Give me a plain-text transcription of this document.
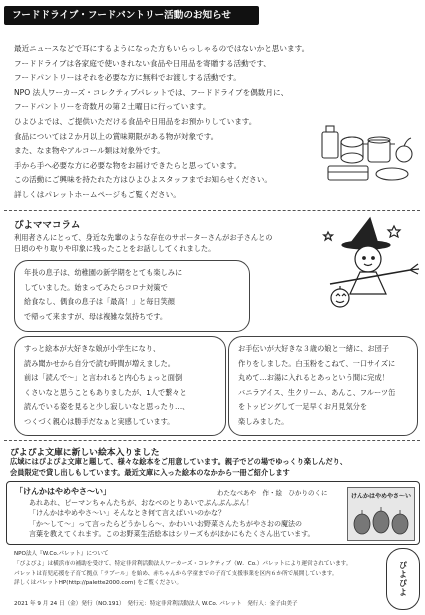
フードドライブ・フードパントリー活動のお知らせ
最近ニュースなどで耳にするようになった方もいらっしゃるのではないかと思います。
フードドライブは各家庭で使いきれない食品や日用品を寄贈する活動です、
フードパントリーはそれを必要な方に無料でお渡しする活動です。
NPO 法人ワーカーズ・コレクティブパレットでは、フードドライブを偶数月に、
フードパントリーを奇数月の第２土曜日に行っています。
ひよひよでは、ご提供いただける食品や日用品をお預かりしています。
食品については２か月以上の賞味期限がある物が対象です。
また、なま物やアルコール類は対象外です。
手から手へ必要な方に必要な物をお届けできたらと思っています。
この活動にご興味を持たれた方はひよひよスタッフまでお知らせください。
詳しくはパレットホームページもご覧ください。
ぴよママコラム
利用者さんにとって、身近な先輩のような存在のサポーターさんがお子さんとの
日頃のやり取りや印象に残ったことをお話ししてくれました。
年長の息子は、幼稚園の新学期をとても楽しみに
していました。始まってみたらコロナ対策で
給食なし、偶食の息子は「最高！」と毎日笑顔
で帰って来ますが、母は複雑な気持ちです。
すっと絵本が大好きな娘が小学生になり、
読み聞かせから自分で読む時間が増えました。
前は「読んで～」と言われると内心ちょっと面倒
くさいなと思うこともありましたが、1人で繋々と
読んでいる姿を見ると少し寂しいなと思ったり…、
つくづく親心は勝手だなぁと実感しています。
お手伝いが大好きな３歳の娘と一緒に、お団子
作りをしました。白玉粉をこねて、一口サイズに
丸めて…お湯に入れるとあっという間に完成！
バニラアイス、生クリーム、あんこ、フルーツ缶
をトッピングして一足早くお月見気分を
楽しみました。
ぴよぴよ文庫に新しい絵本入りました
広域にはぴよぴよ文庫と題して、様々な絵本をご用意しています。親子でどの場でゆっくり楽しんだり、
会員限定で貸し出しもしています。最近文庫に入った絵本のなかから一冊ご紹介します
「けんかはやめやさ～い」	わたなべあや　作・絵　ひかりのくに
あれあれ、ピーマンちゃんたちが、おなべのとりあいでぶんぶんぷん！
「けんかはやめやさ～い」そんなとき何て言えばいいのかな？
「か～して～」って言ったらどうかしら～、かわいいお野菜さんたちがやさおの魔法の
言葉を教えてくれます。このお野菜生活絵本はシリーズもがほかにもたくさん出ています。
けんかはやめやさ～い
NPO法人『W.Co.パレット』について
「ぴよぴよ」は横浜市の補助を受けて、特定非営利活動法人ワーカーズ・コレクティブ（W．Co.）パレットにより運営されています。
パレットは育児応援を子育て拠点「ラブール」を始め、赤ちゃんから学童までの子育て支援事業を区内６か所で展開しています。
詳しくはパレットHP(http://palette2000.com) をご覧ください。
2021 年 9 月 24 日（金）発行（NO.191）　発行元：特定非営利活動法人 W.Co. パレット　発行人：金子由美子
ぴよぴよ
